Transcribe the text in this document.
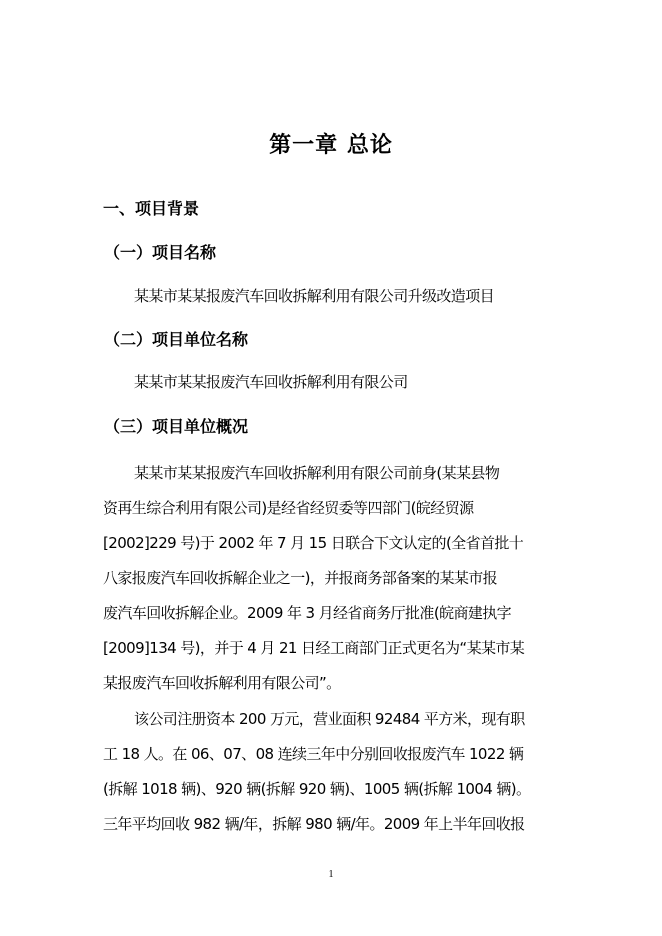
第一章 总论
一、项目背景
（一）项目名称
某某市某某报废汽车回收拆解利用有限公司升级改造项目
（二）项目单位名称
某某市某某报废汽车回收拆解利用有限公司
（三）项目单位概况
某某市某某报废汽车回收拆解利用有限公司前身(某某县物
资再生综合利用有限公司)是经省经贸委等四部门(皖经贸源
[2002]229 号)于 2002 年 7 月 15 日联合下文认定的(全省首批十
八家报废汽车回收拆解企业之一)，并报商务部备案的某某市报
废汽车回收拆解企业。2009 年 3 月经省商务厅批准(皖商建执字
[2009]134 号)，并于 4 月 21 日经工商部门正式更名为“某某市某
某报废汽车回收拆解利用有限公司”。
该公司注册资本 200 万元，营业面积 92484 平方米，现有职
工 18 人。在 06、07、08 连续三年中分别回收报废汽车 1022 辆
(拆解 1018 辆)、920 辆(拆解 920 辆)、1005 辆(拆解 1004 辆)。
三年平均回收 982 辆/年，拆解 980 辆/年。2009 年上半年回收报
1
